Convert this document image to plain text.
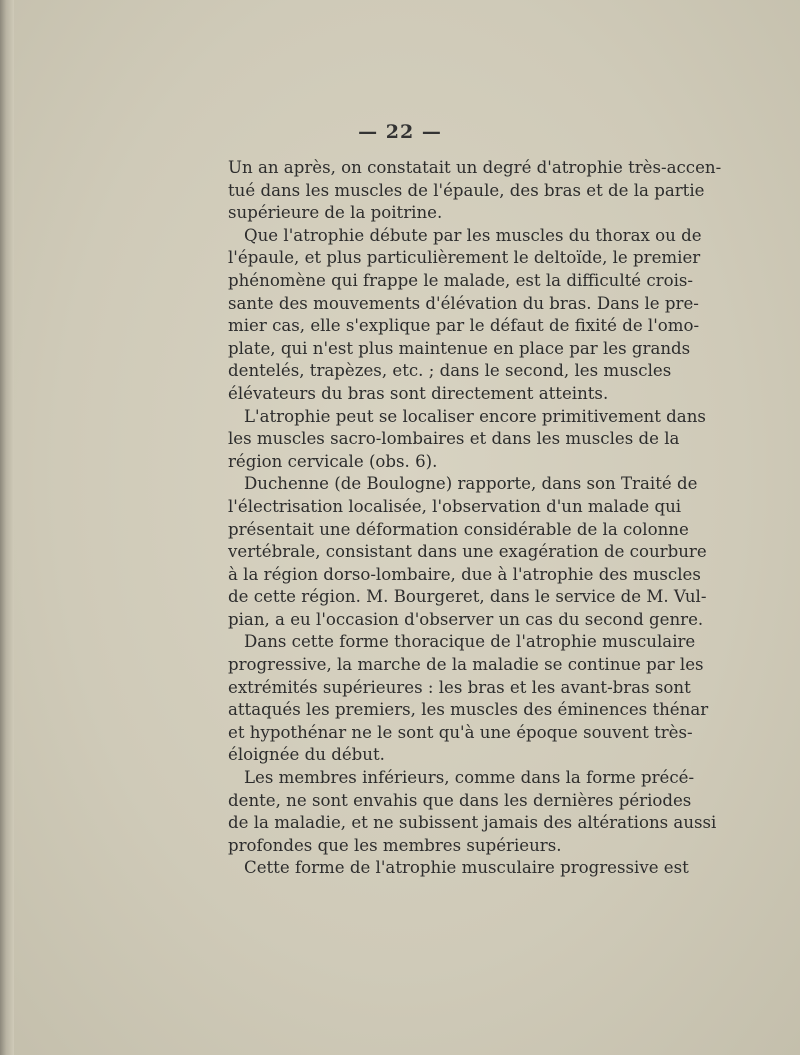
— 22 —
Un an après, on constatait un degré d'atrophie très-accen-
tué dans les muscles de l'épaule, des bras et de la partie
supérieure de la poitrine.
Que l'atrophie débute par les muscles du thorax ou de
l'épaule, et plus particulièrement le deltoïde, le premier
phénomène qui frappe le malade, est la difficulté crois-
sante des mouvements d'élévation du bras. Dans le pre-
mier cas, elle s'explique par le défaut de fixité de l'omo-
plate, qui n'est plus maintenue en place par les grands
dentelés, trapèzes, etc. ; dans le second, les muscles
élévateurs du bras sont directement atteints.
L'atrophie peut se localiser encore primitivement dans
les muscles sacro-lombaires et dans les muscles de la
région cervicale (obs. 6).
Duchenne (de Boulogne) rapporte, dans son Traité de
l'électrisation localisée, l'observation d'un malade qui
présentait une déformation considérable de la colonne
vertébrale, consistant dans une exagération de courbure
à la région dorso-lombaire, due à l'atrophie des muscles
de cette région. M. Bourgeret, dans le service de M. Vul-
pian, a eu l'occasion d'observer un cas du second genre.
Dans cette forme thoracique de l'atrophie musculaire
progressive, la marche de la maladie se continue par les
extrémités supérieures : les bras et les avant-bras sont
attaqués les premiers, les muscles des éminences thénar
et hypothénar ne le sont qu'à une époque souvent très-
éloignée du début.
Les membres inférieurs, comme dans la forme précé-
dente, ne sont envahis que dans les dernières périodes
de la maladie, et ne subissent jamais des altérations aussi
profondes que les membres supérieurs.
Cette forme de l'atrophie musculaire progressive est
